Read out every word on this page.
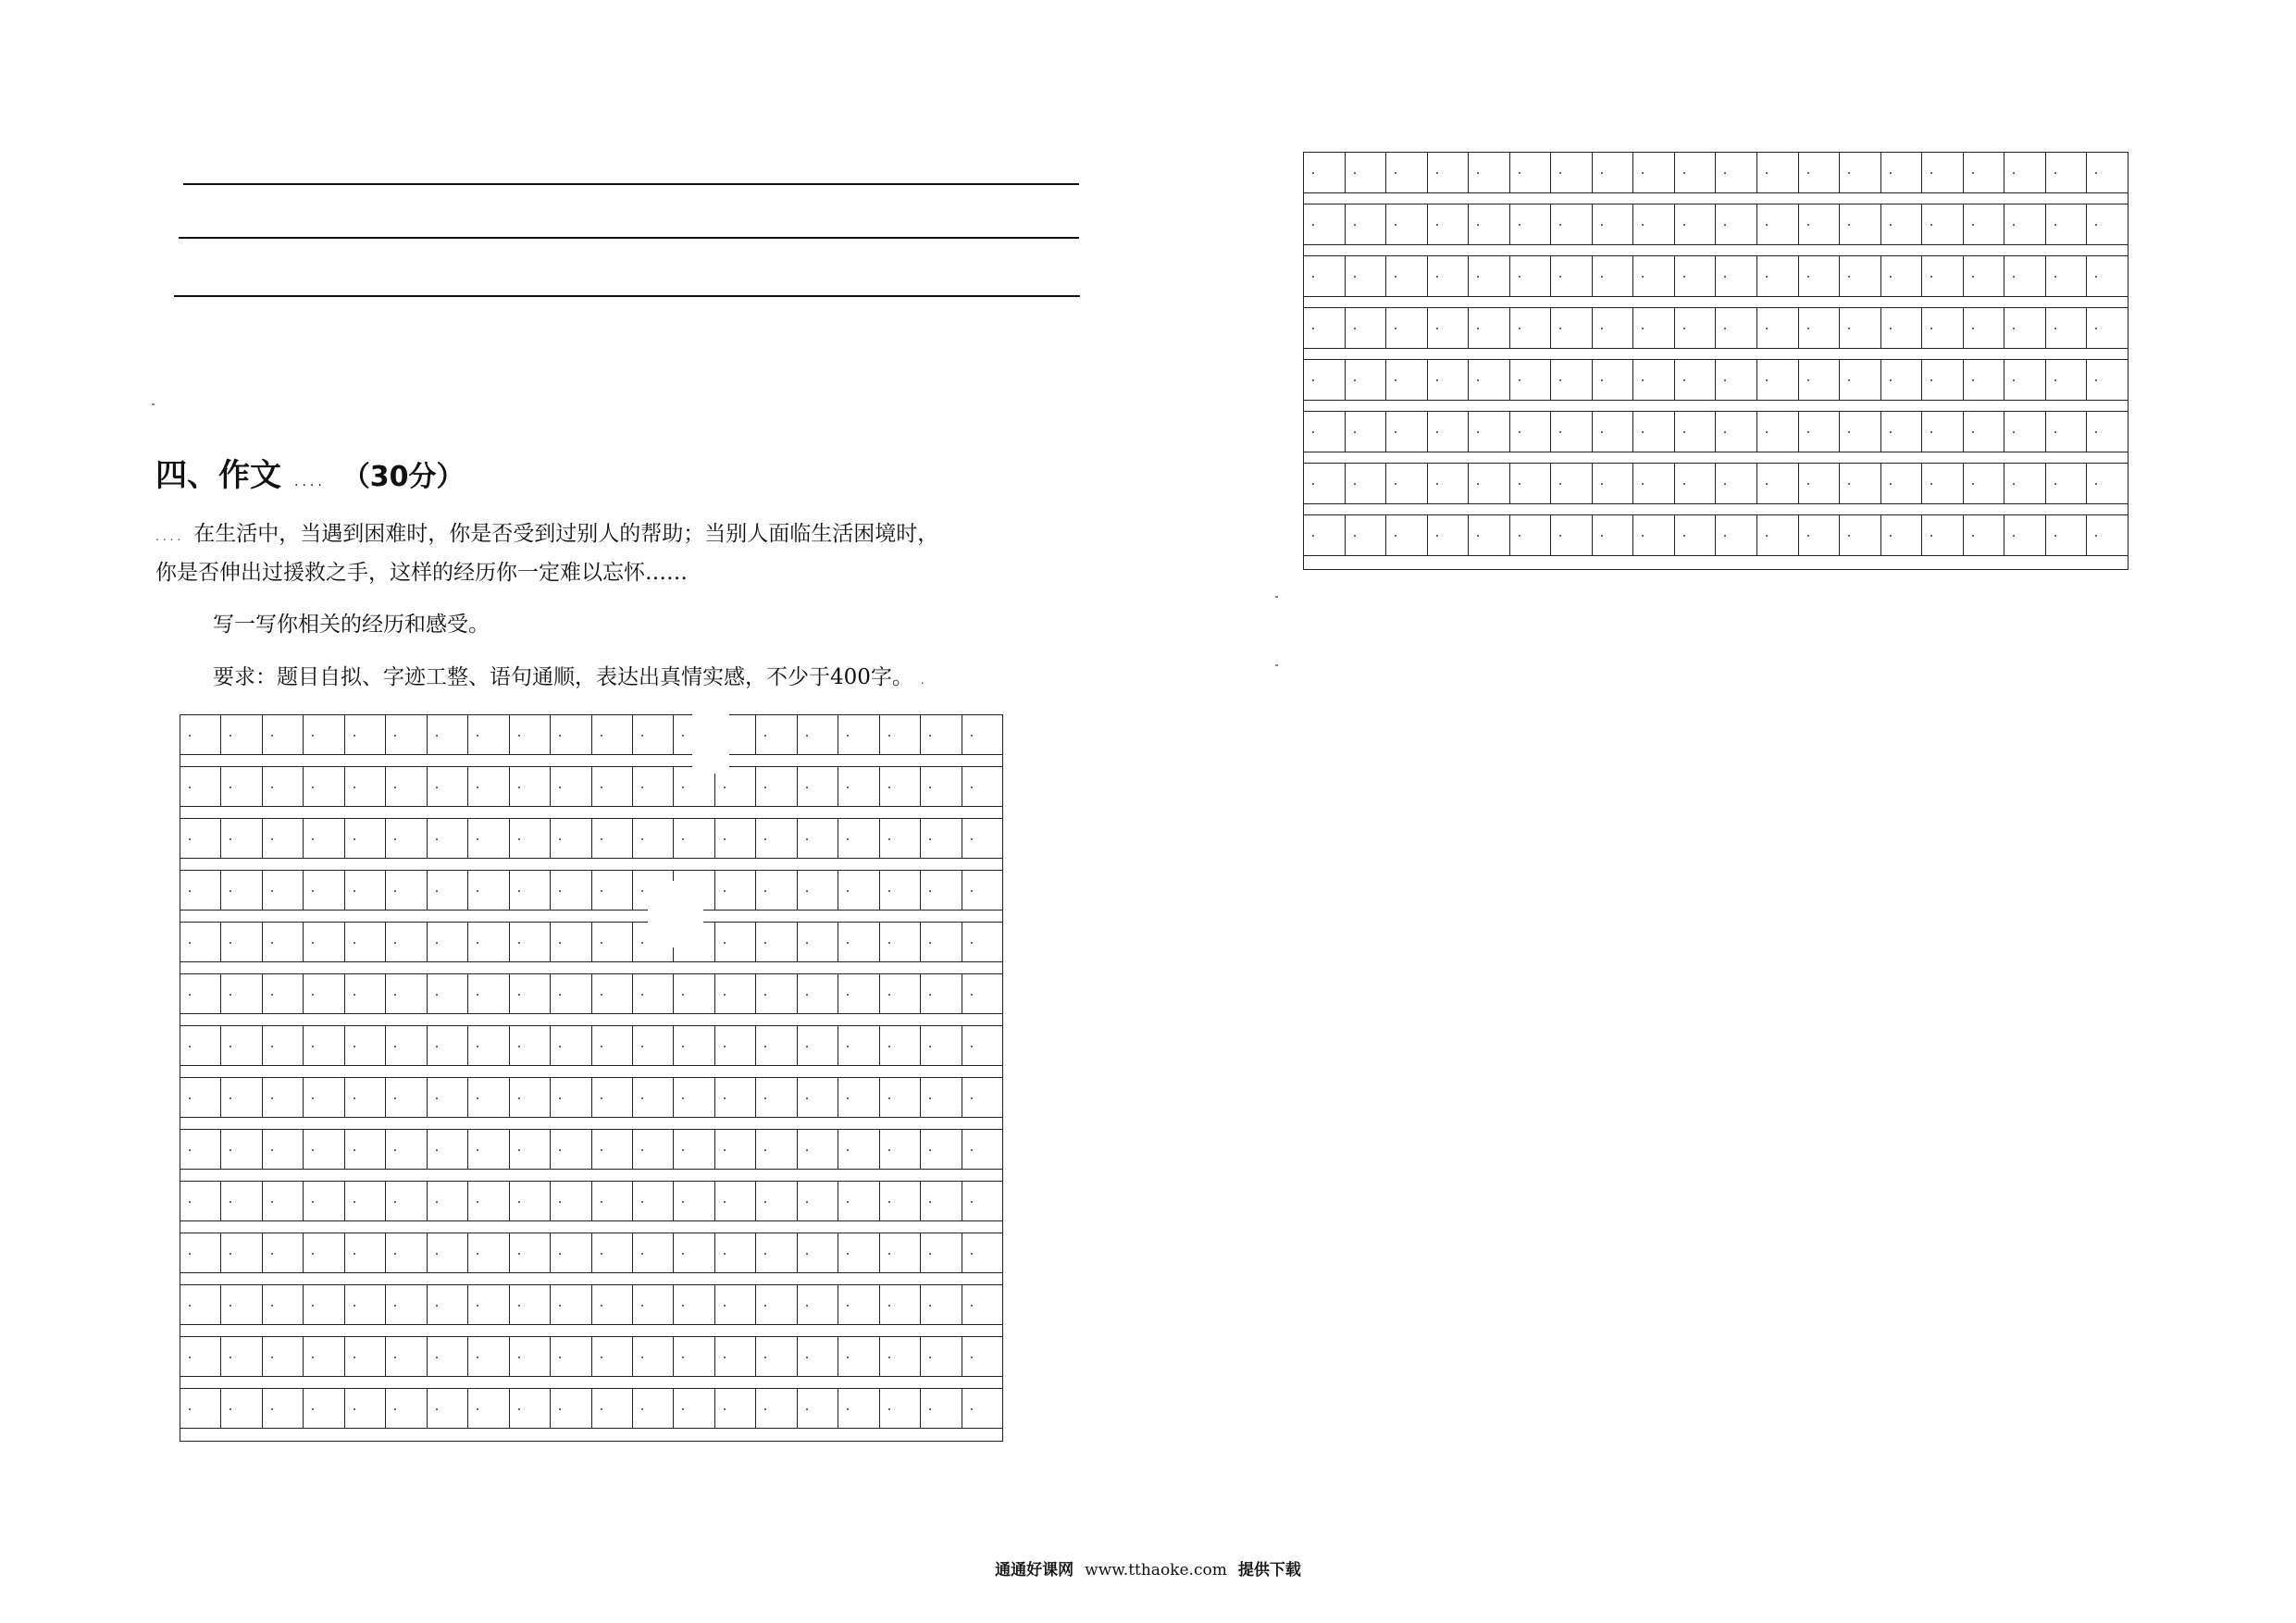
四、作文 .... （30分）
.... 在生活中，当遇到困难时，你是否受到过别人的帮助；当别人面临生活困境时，
你是否伸出过援救之手，这样的经历你一定难以忘怀……
写一写你相关的经历和感受。
要求：题目自拟、字迹工整、语句通顺，表达出真情实感，不少于400字。 .
通通好课网 www.tthaoke.com 提供下载
